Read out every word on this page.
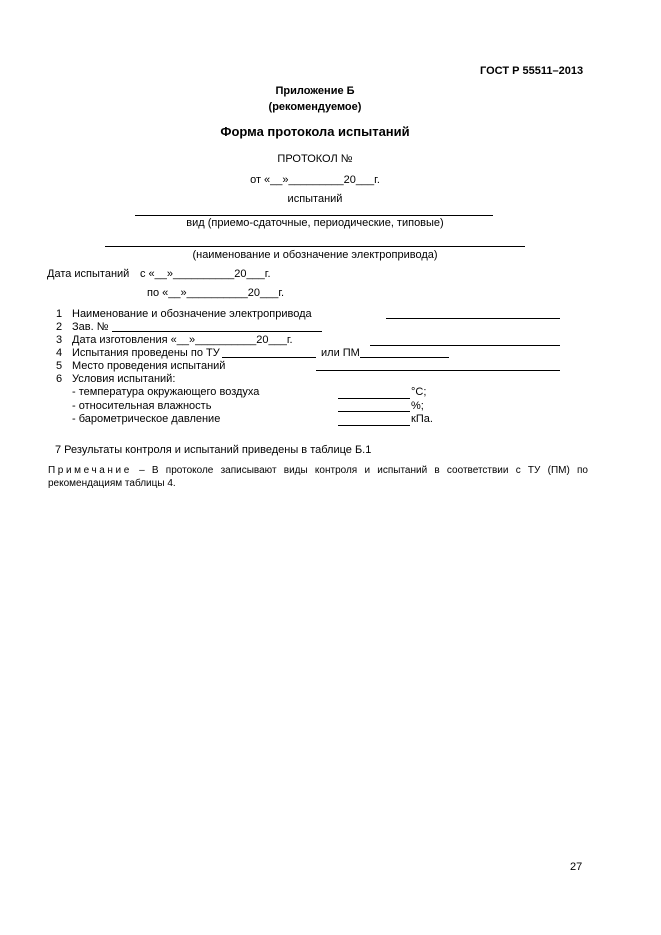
ГОСТ Р 55511–2013
Приложение Б
(рекомендуемое)
Форма протокола испытаний
ПРОТОКОЛ №
от «__»_________20___г.
испытаний
вид (приемо-сдаточные, периодические, типовые)
(наименование и обозначение электропривода)
Дата испытаний с «__»__________20___г.
по «__»__________20___г.
1 Наименование и обозначение электропривода
2 Зав. №
3 Дата изготовления «__»__________20___г.
4 Испытания проведены по ТУ	или ПМ
5 Место проведения испытаний
6 Условия испытаний:
- температура окружающего воздуха	°С;
- относительная влажность	%;
- барометрическое давление	кПа.
7 Результаты контроля и испытаний приведены в таблице Б.1
Примечание – В протоколе записывают виды контроля и испытаний в соответствии с ТУ (ПМ) по рекомендациям таблицы 4.
27
